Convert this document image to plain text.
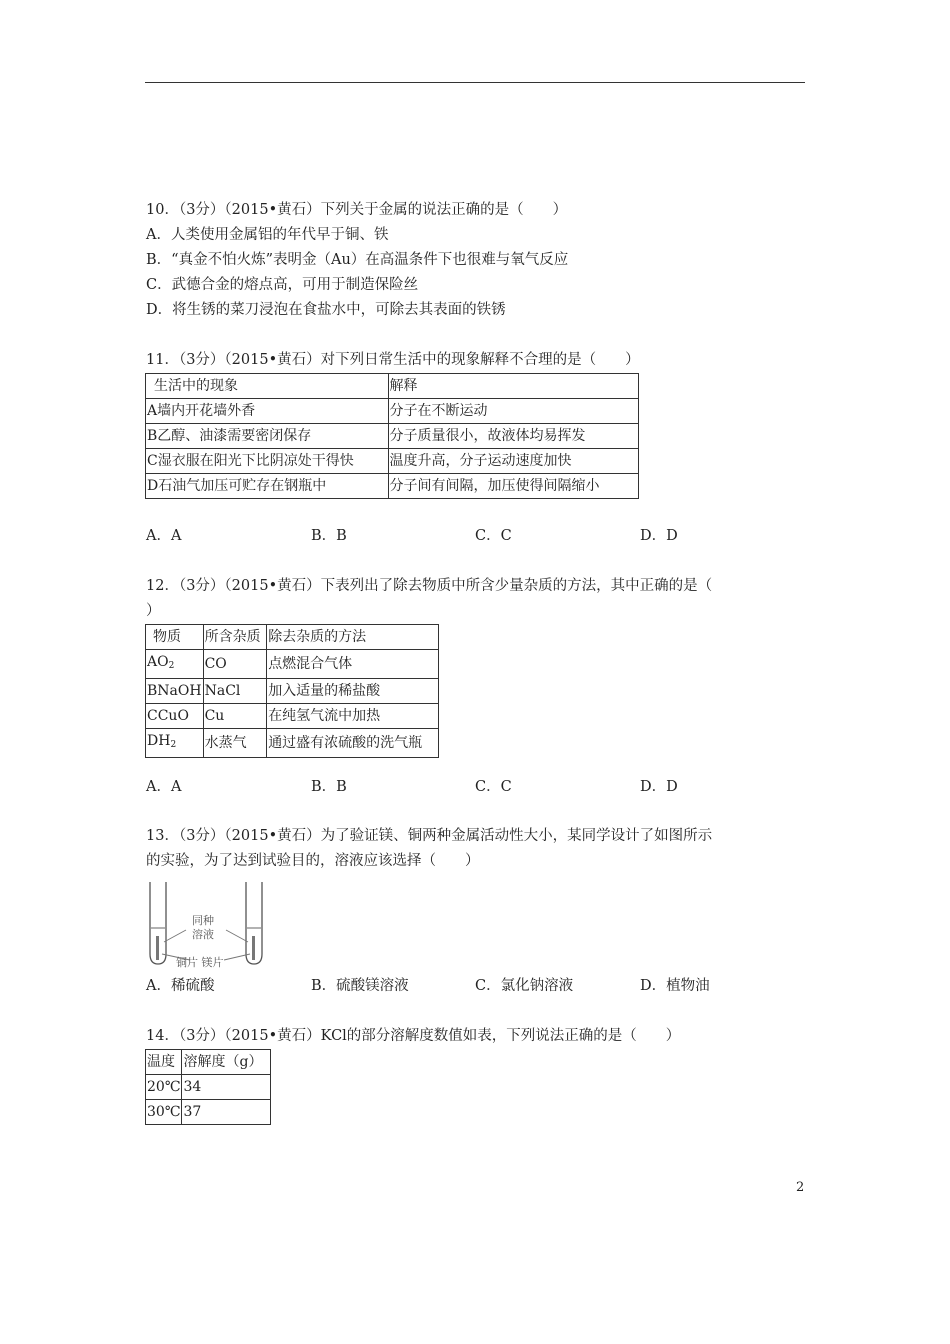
10．（3分）（2015•黄石）下列关于金属的说法正确的是（　　）
A．人类使用金属铝的年代早于铜、铁
B．“真金不怕火炼”表明金（Au）在高温条件下也很难与氧气反应
C．武德合金的熔点高，可用于制造保险丝
D．将生锈的菜刀浸泡在食盐水中，可除去其表面的铁锈
11．（3分）（2015•黄石）对下列日常生活中的现象解释不合理的是（　　）
生活中的现象	解释
A墙内开花墙外香	分子在不断运动
B乙醇、油漆需要密闭保存	分子质量很小，故液体均易挥发
C湿衣服在阳光下比阴凉处干得快	温度升高，分子运动速度加快
D石油气加压可贮存在钢瓶中	分子间有间隔，加压使得间隔缩小
A．A	B．B	C．C	D．D
12．（3分）（2015•黄石）下表列出了除去物质中所含少量杂质的方法，其中正确的是（
）
物质	所含杂质	除去杂质的方法
$AO_2$	CO	点燃混合气体
BNaOH	NaCl	加入适量的稀盐酸
CCuO	Cu	在纯氢气流中加热
$DH_2$	水蒸气	通过盛有浓硫酸的洗气瓶
A．A	B．B	C．C	D．D
13．（3分）（2015•黄石）为了验证镁、铜两种金属活动性大小，某同学设计了如图所示
的实验，为了达到试验目的，溶液应该选择（　　）
同种
溶液
铜片 镁片
A．稀硫酸	B．硫酸镁溶液	C．氯化钠溶液	D．植物油
14．（3分）（2015•黄石）KCl的部分溶解度数值如表，下列说法正确的是（　　）
温度	溶解度（g）
20℃	34
30℃	37
2
